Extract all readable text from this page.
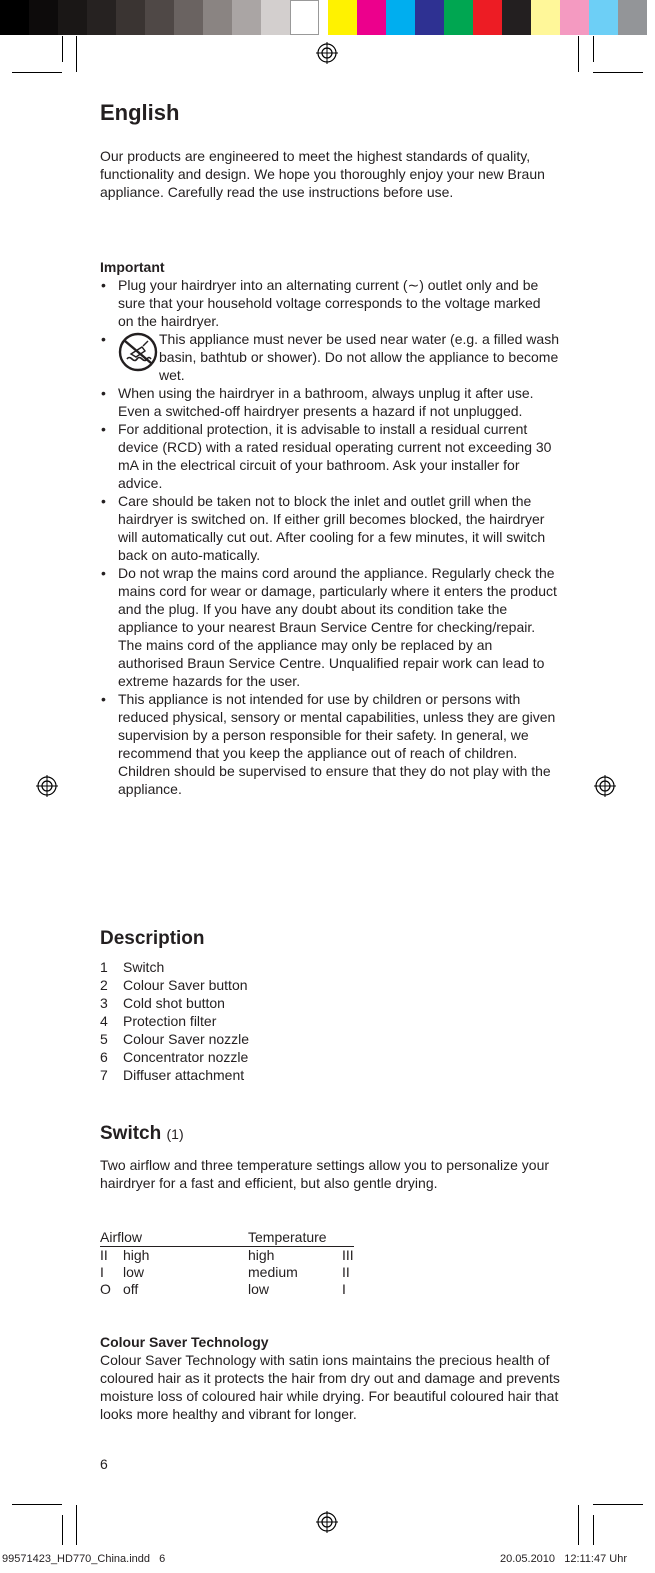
English
Our products are engineered to meet the highest standards of quality, functionality and design. We hope you thoroughly enjoy your new Braun appliance. Carefully read the use instructions before use.
Important
• Plug your hairdryer into an alternating current (∼) outlet only and be sure that your household voltage corresponds to the voltage marked on the hairdryer.
• This appliance must never be used near water (e.g. a filled wash basin, bathtub or shower). Do not allow the appliance to become wet.
• When using the hairdryer in a bathroom, always unplug it after use. Even a switched-off hairdryer presents a hazard if not unplugged.
• For additional protection, it is advisable to install a residual current device (RCD) with a rated residual operating current not exceeding 30 mA in the electrical circuit of your bathroom. Ask your installer for advice.
• Care should be taken not to block the inlet and outlet grill when the hairdryer is switched on. If either grill becomes blocked, the hairdryer will automatically cut out. After cooling for a few minutes, it will switch back on auto-matically.
• Do not wrap the mains cord around the appliance. Regularly check the mains cord for wear or damage, particularly where it enters the product and the plug. If you have any doubt about its condition take the appliance to your nearest Braun Service Centre for checking/repair. The mains cord of the appliance may only be replaced by an authorised Braun Service Centre. Unqualified repair work can lead to extreme hazards for the user.
• This appliance is not intended for use by children or persons with reduced physical, sensory or mental capabilities, unless they are given supervision by a person responsible for their safety. In general, we recommend that you keep the appliance out of reach of children. Children should be supervised to ensure that they do not play with the appliance.
Description
1	Switch
2	Colour Saver button
3	Cold shot button
4	Protection filter
5	Colour Saver nozzle
6	Concentrator nozzle
7	Diffuser attachment
Switch (1)
Two airflow and three temperature settings allow you to personalize your hairdryer for a fast and efficient, but also gentle drying.
Airflow		Temperature	
II	high	high	III
I	low	medium	II
O	off	low	I
Colour Saver Technology
Colour Saver Technology with satin ions maintains the precious health of coloured hair as it protects the hair from dry out and damage and prevents moisture loss of coloured hair while drying. For beautiful coloured hair that looks more healthy and vibrant for longer.
6
99571423_HD770_China.indd   6	20.05.2010   12:11:47 Uhr
